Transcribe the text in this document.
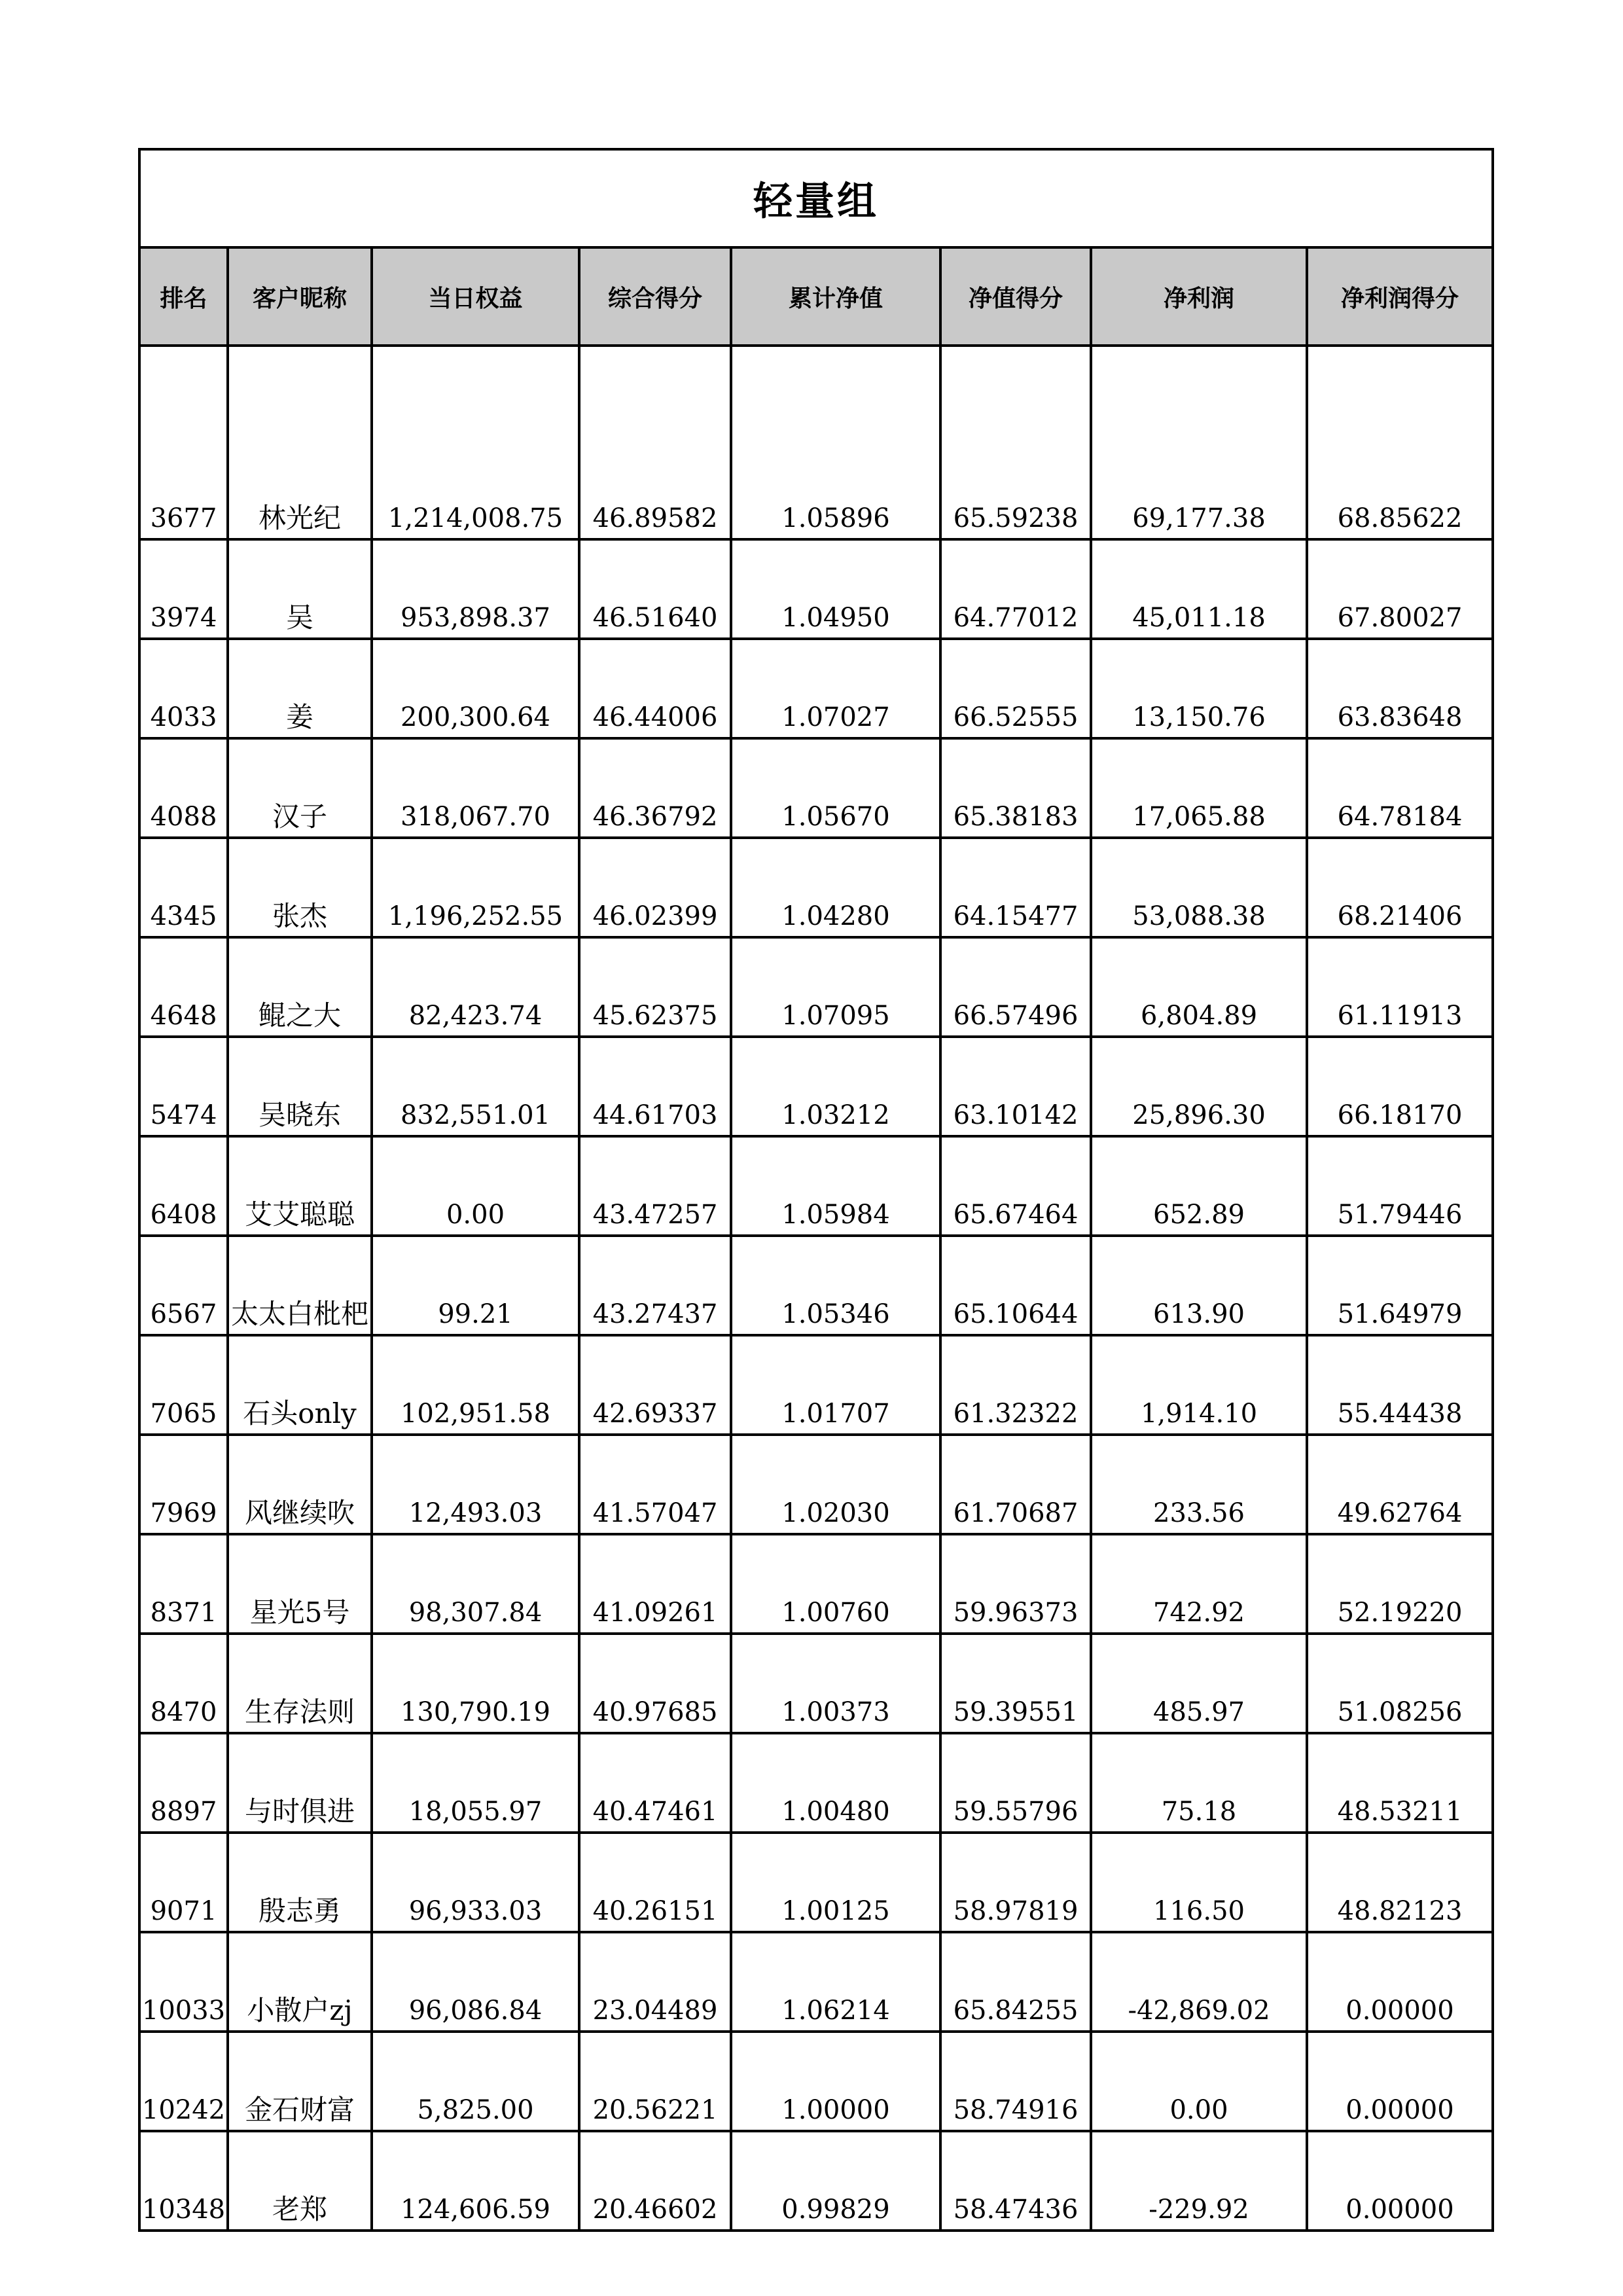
轻量组							
排名	客户昵称	当日权益	综合得分	累计净值	净值得分	净利润	净利润得分
3677	林光纪	1,214,008.75	46.89582	1.05896	65.59238	69,177.38	68.85622
3974	吴	953,898.37	46.51640	1.04950	64.77012	45,011.18	67.80027
4033	姜	200,300.64	46.44006	1.07027	66.52555	13,150.76	63.83648
4088	汉子	318,067.70	46.36792	1.05670	65.38183	17,065.88	64.78184
4345	张杰	1,196,252.55	46.02399	1.04280	64.15477	53,088.38	68.21406
4648	鲲之大	82,423.74	45.62375	1.07095	66.57496	6,804.89	61.11913
5474	吴晓东	832,551.01	44.61703	1.03212	63.10142	25,896.30	66.18170
6408	艾艾聪聪	0.00	43.47257	1.05984	65.67464	652.89	51.79446
6567	太太白枇杷	99.21	43.27437	1.05346	65.10644	613.90	51.64979
7065	石头only	102,951.58	42.69337	1.01707	61.32322	1,914.10	55.44438
7969	风继续吹	12,493.03	41.57047	1.02030	61.70687	233.56	49.62764
8371	星光5号	98,307.84	41.09261	1.00760	59.96373	742.92	52.19220
8470	生存法则	130,790.19	40.97685	1.00373	59.39551	485.97	51.08256
8897	与时俱进	18,055.97	40.47461	1.00480	59.55796	75.18	48.53211
9071	殷志勇	96,933.03	40.26151	1.00125	58.97819	116.50	48.82123
10033	小散户zj	96,086.84	23.04489	1.06214	65.84255	-42,869.02	0.00000
10242	金石财富	5,825.00	20.56221	1.00000	58.74916	0.00	0.00000
10348	老郑	124,606.59	20.46602	0.99829	58.47436	-229.92	0.00000
